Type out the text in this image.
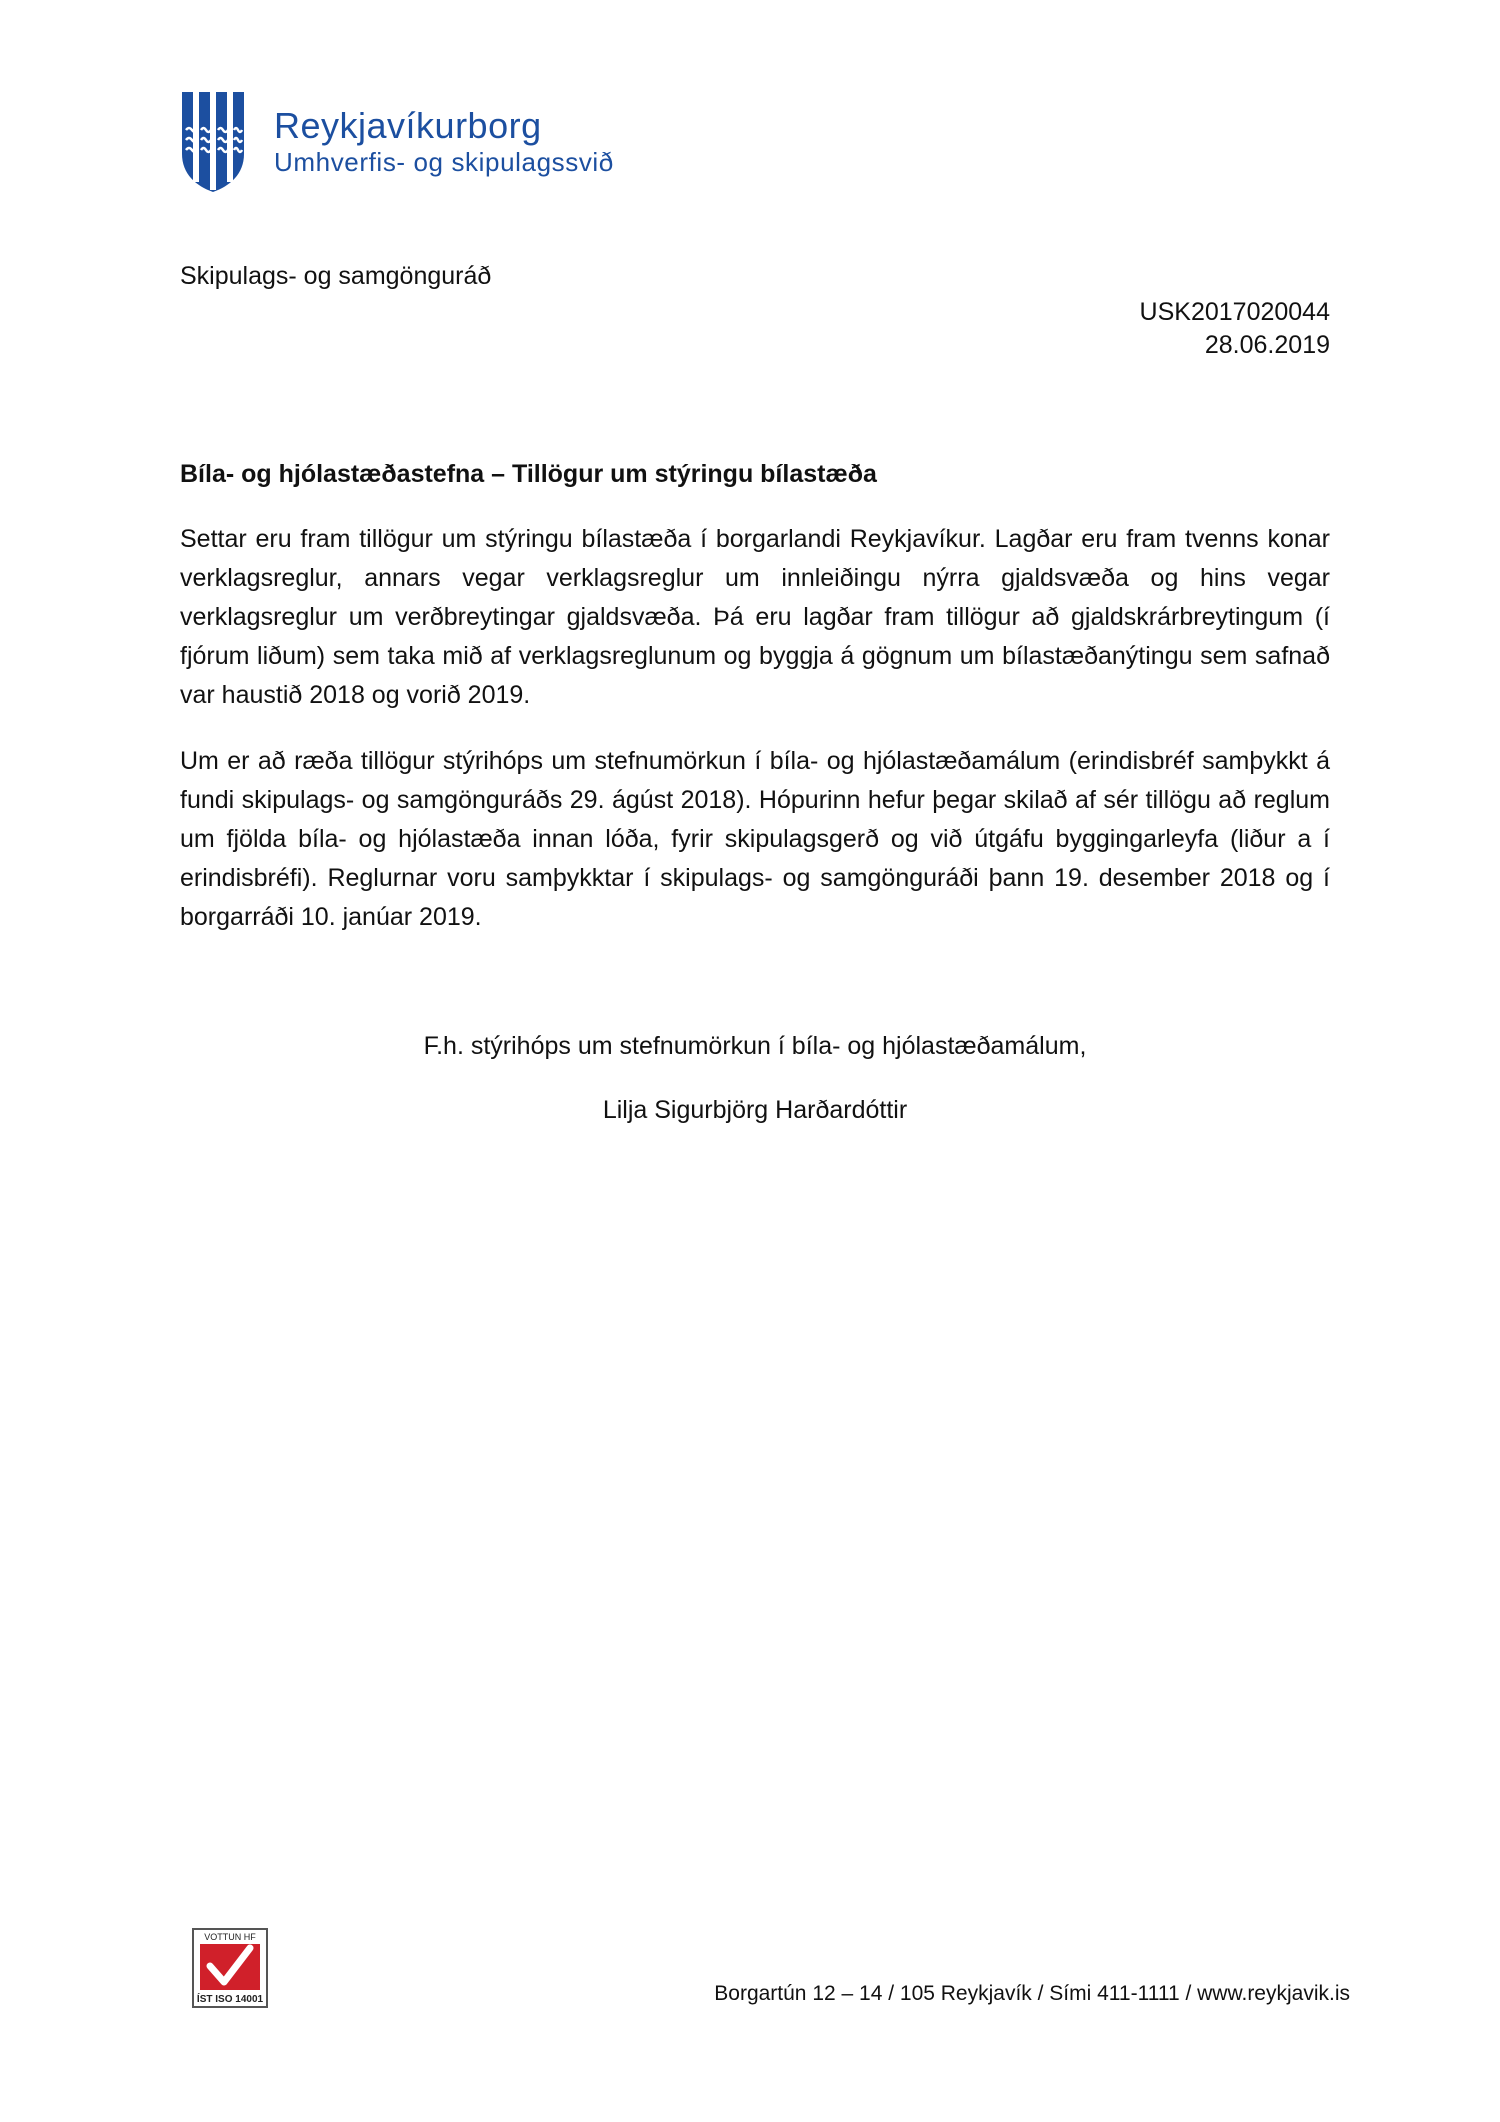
Reykjavíkurborg
Umhverfis- og skipulagssvið
Skipulags- og samgönguráð
USK2017020044
28.06.2019
Bíla- og hjólastæðastefna – Tillögur um stýringu bílastæða

Settar eru fram tillögur um stýringu bílastæða í borgarlandi Reykjavíkur. Lagðar eru fram tvenns konar verklagsreglur, annars vegar verklagsreglur um innleiðingu nýrra gjaldsvæða og hins vegar verklagsreglur um verðbreytingar gjaldsvæða. Þá eru lagðar fram tillögur að gjaldskrárbreytingum (í fjórum liðum) sem taka mið af verklagsreglunum og byggja á gögnum um bílastæðanýtingu sem safnað var haustið 2018 og vorið 2019.

Um er að ræða tillögur stýrihóps um stefnumörkun í bíla- og hjólastæðamálum (erindisbréf samþykkt á fundi skipulags- og samgönguráðs 29. ágúst 2018). Hópurinn hefur þegar skilað af sér tillögu að reglum um fjölda bíla- og hjólastæða innan lóða, fyrir skipulagsgerð og við útgáfu byggingarleyfa (liður a í erindisbréfi). Reglurnar voru samþykktar í skipulags- og samgönguráði þann 19. desember 2018 og í borgarráði 10. janúar 2019.

F.h. stýrihóps um stefnumörkun í bíla- og hjólastæðamálum,
Lilja Sigurbjörg Harðardóttir
VOTTUN HF
ÍST ISO 14001	Borgartún 12 – 14 / 105 Reykjavík / Sími 411-1111 / www.reykjavik.is
